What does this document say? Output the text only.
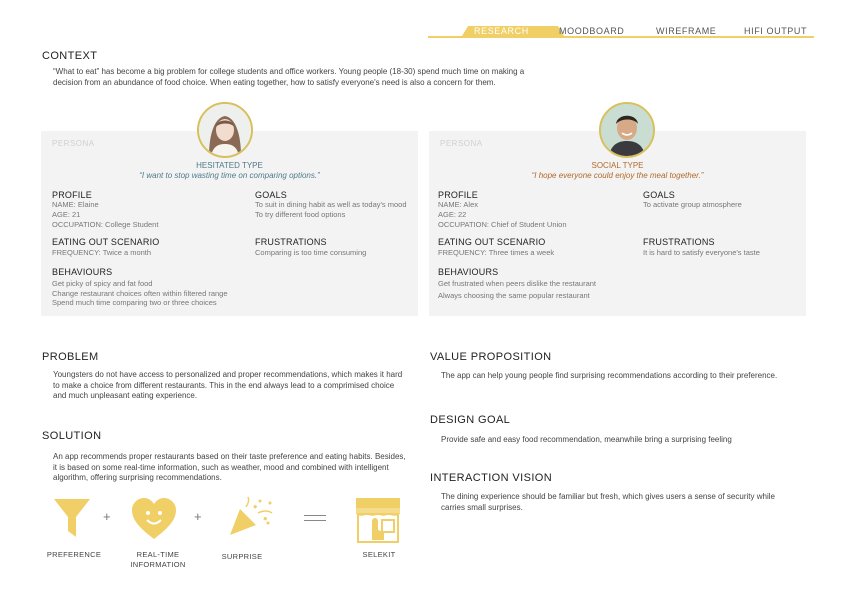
RESEARCH	MOODBOARD	WIREFRAME	HIFI OUTPUT
CONTEXT
“What to eat” has become a big problem for college students and office workers. Young people (18-30) spend much time on making a decision from an abundance of food choice. When eating together, how to satisfy everyone's need is also a concern for them.
PERSONA
HESITATED TYPE
“I want to stop wasting time on comparing options.”
PROFILE
NAME: Elaine
AGE: 21
OCCUPATION: College Student
GOALS
To suit in dining habit as well as today's mood
To try different food options
EATING OUT SCENARIO
FREQUENCY: Twice a month
FRUSTRATIONS
Comparing is too time consuming
BEHAVIOURS
Get picky of spicy and fat food
Change restaurant choices often within filtered range
Spend much time comparing two or three choices
PERSONA
SOCIAL TYPE
“I hope everyone could enjoy the meal together.”
PROFILE
NAME: Alex
AGE: 22
OCCUPATION: Chief of Student Union
GOALS
To activate group atmosphere
EATING OUT SCENARIO
FREQUENCY: Three times a week
FRUSTRATIONS
It is hard to satisfy everyone's taste
BEHAVIOURS
Get frustrated when peers dislike the restaurant
Always choosing the same popular restaurant
PROBLEM
Youngsters do not have access to personalized and proper recommendations, which makes it hard to make a choice from different restaurants. This in the end always lead to a comprimised choice and much unpleasant eating experience.
SOLUTION
An app recommends proper restaurants based on their taste preference and eating habits. Besides, it is based on some real-time information, such as weather, mood and combined with intelligent algorithm, offering surprising recommendations.
+	+
PREFERENCE	REAL-TIME
INFORMATION
SURPRISE	SELEKIT
VALUE PROPOSITION
The app can help young people find surprising recommendations according to their preference.
DESIGN GOAL
Provide safe and easy food recommendation, meanwhile bring a surprising feeling
INTERACTION VISION
The dining experience should be familiar but fresh, which gives users a sense of security while carries small surprises.
